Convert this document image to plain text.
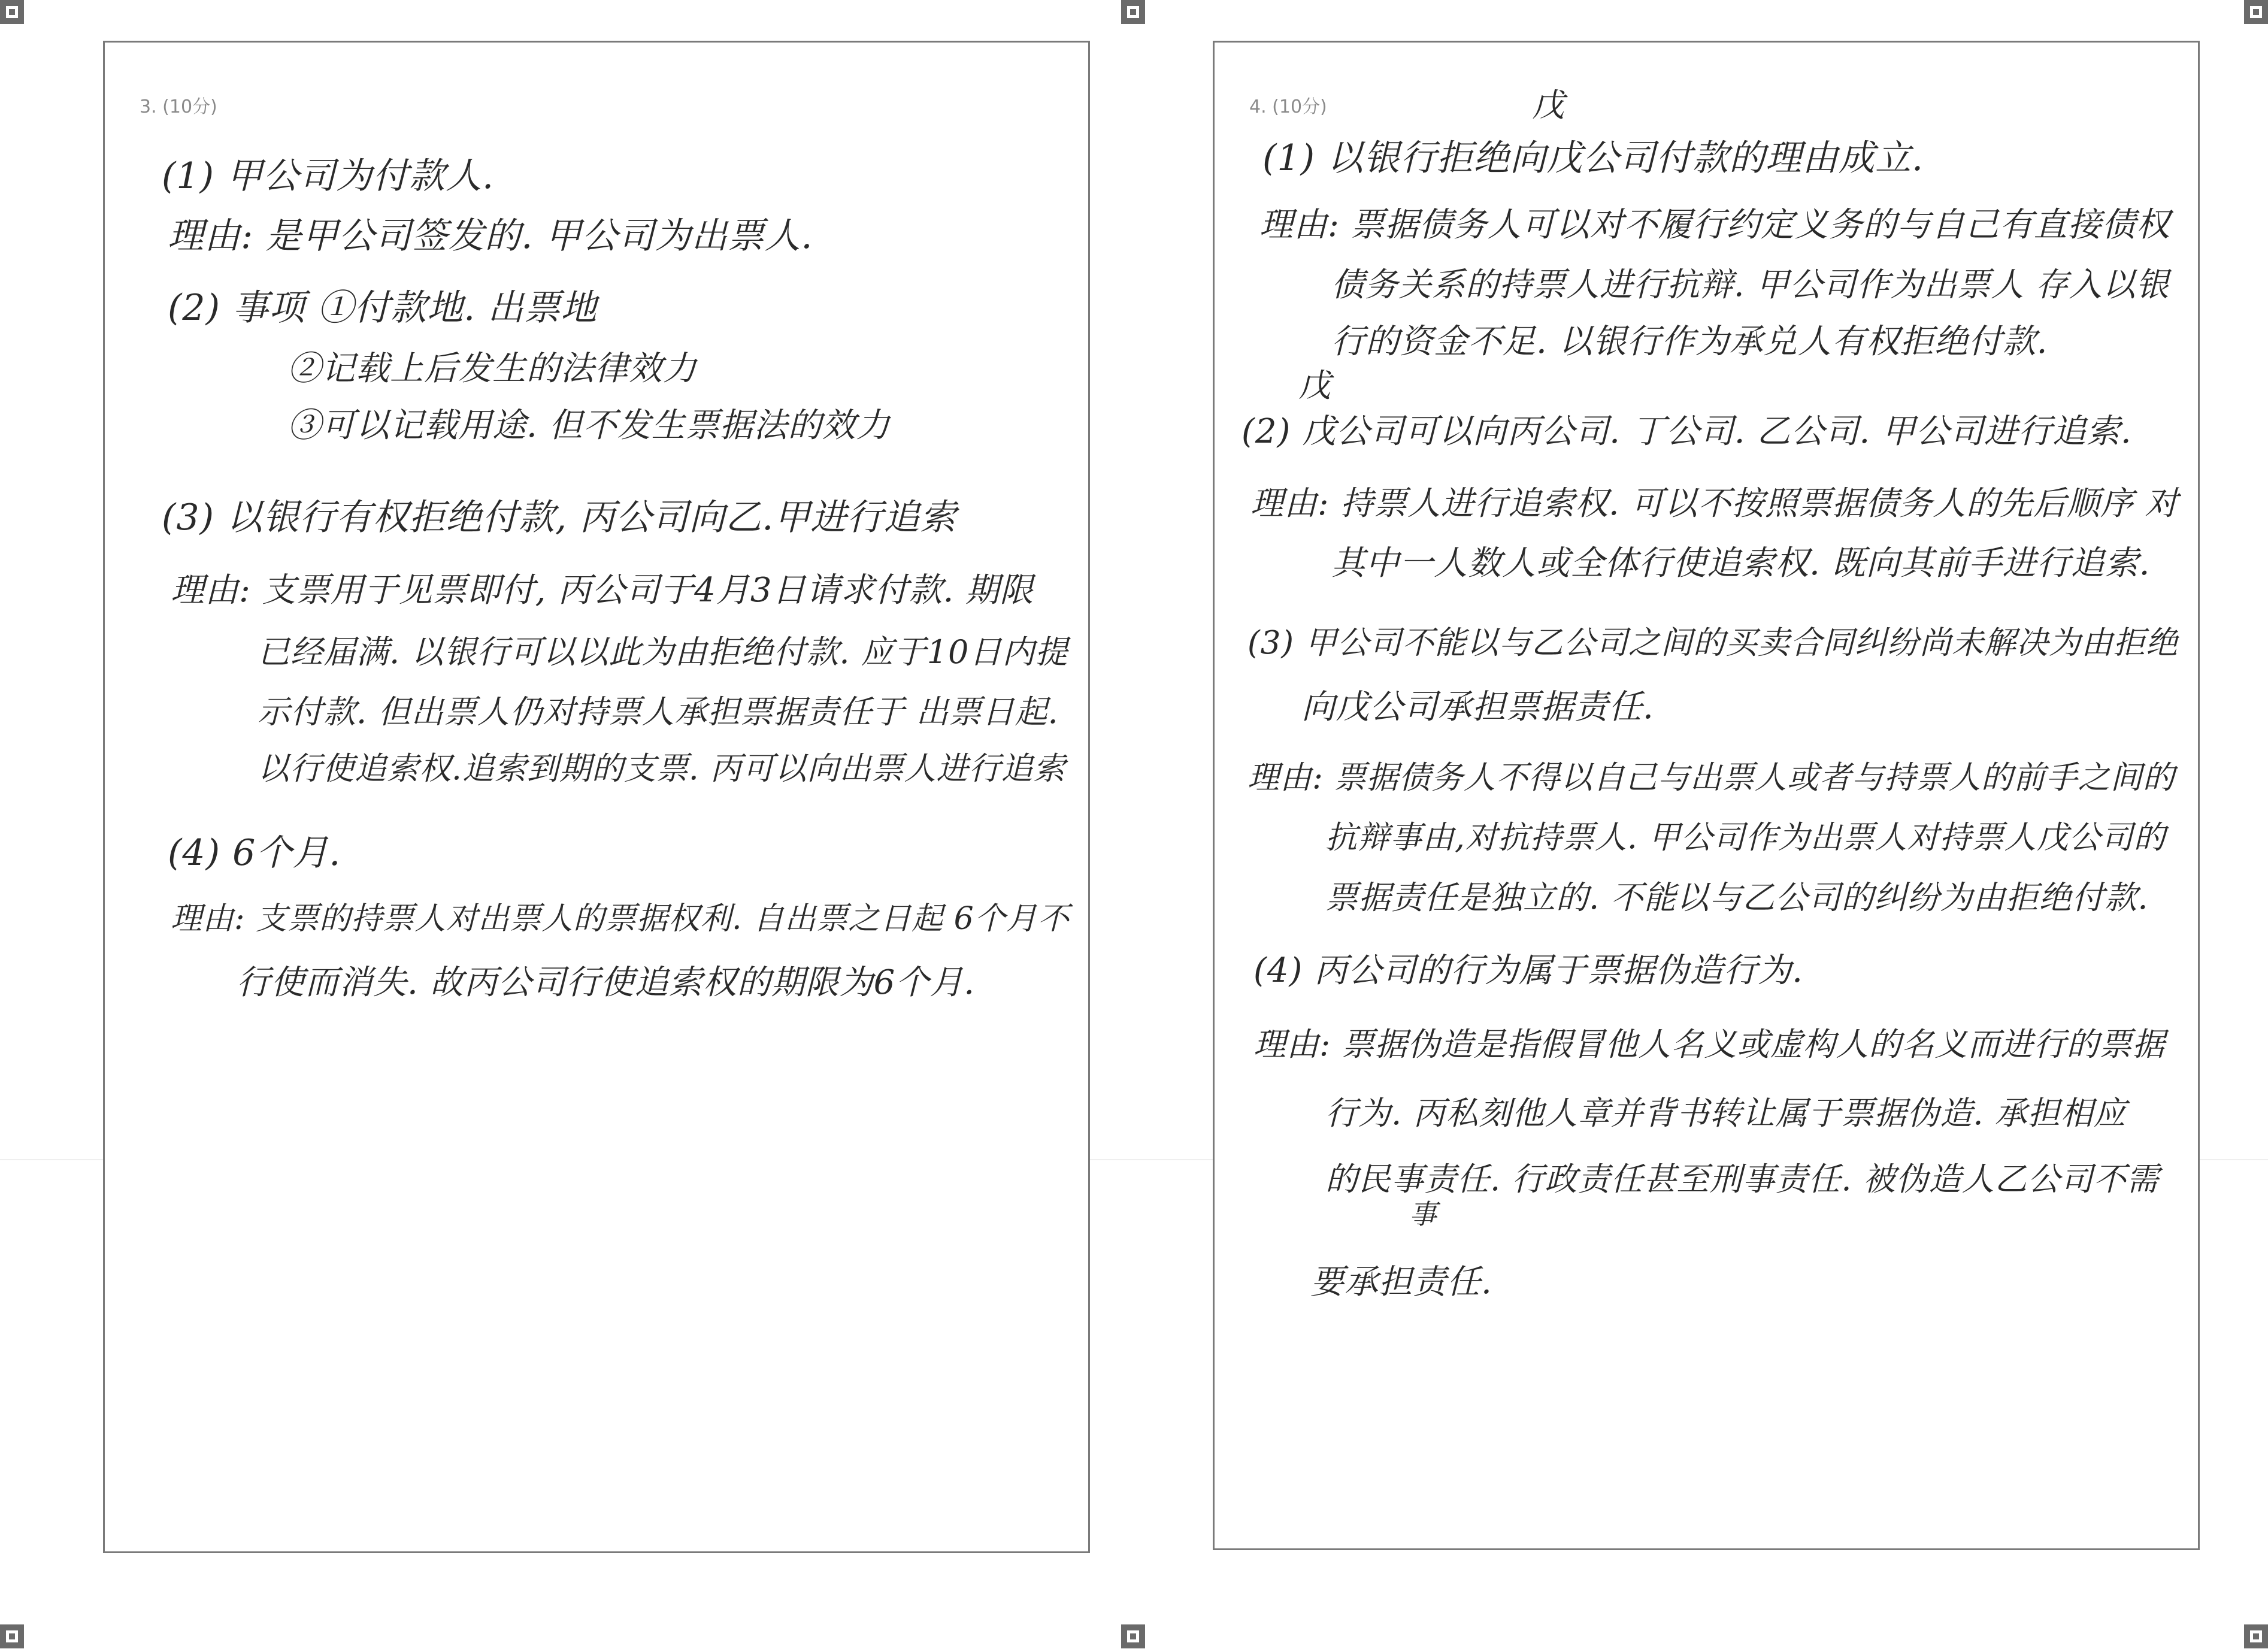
3. (10分)
(1) 甲公司为付款人.
理由: 是甲公司签发的. 甲公司为出票人.
(2) 事项 ①付款地. 出票地
②记载上后发生的法律效力
③可以记载用途. 但不发生票据法的效力
(3) 以银行有权拒绝付款, 丙公司向乙.甲进行追索
理由: 支票用于见票即付, 丙公司于4月3日请求付款. 期限
已经届满. 以银行可以以此为由拒绝付款. 应于10日内提
示付款. 但出票人仍对持票人承担票据责任于 出票日起.
以行使追索权.追索到期的支票. 丙可以向出票人进行追索
(4) 6个月.
理由: 支票的持票人对出票人的票据权利. 自出票之日起 6个月不
行使而消失. 故丙公司行使追索权的期限为6个月.
4. (10分)	戊
(1) 以银行拒绝向戊公司付款的理由成立.
理由: 票据债务人可以对不履行约定义务的与自己有直接债权
债务关系的持票人进行抗辩. 甲公司作为出票人 存入以银
行的资金不足. 以银行作为承兑人有权拒绝付款.
戊
(2) 戊公司可以向丙公司. 丁公司. 乙公司. 甲公司进行追索.
理由: 持票人进行追索权. 可以不按照票据债务人的先后顺序 对
其中一人数人或全体行使追索权. 既向其前手进行追索.
(3) 甲公司不能以与乙公司之间的买卖合同纠纷尚未解决为由拒绝
向戊公司承担票据责任.
理由: 票据债务人不得以自己与出票人或者与持票人的前手之间的
抗辩事由,对抗持票人. 甲公司作为出票人对持票人戊公司的
票据责任是独立的. 不能以与乙公司的纠纷为由拒绝付款.
(4) 丙公司的行为属于票据伪造行为.
理由: 票据伪造是指假冒他人名义或虚构人的名义而进行的票据
行为. 丙私刻他人章并背书转让属于票据伪造. 承担相应
的民事责任. 行政责任甚至刑事责任. 被伪造人乙公司不需
事
要承担责任.
